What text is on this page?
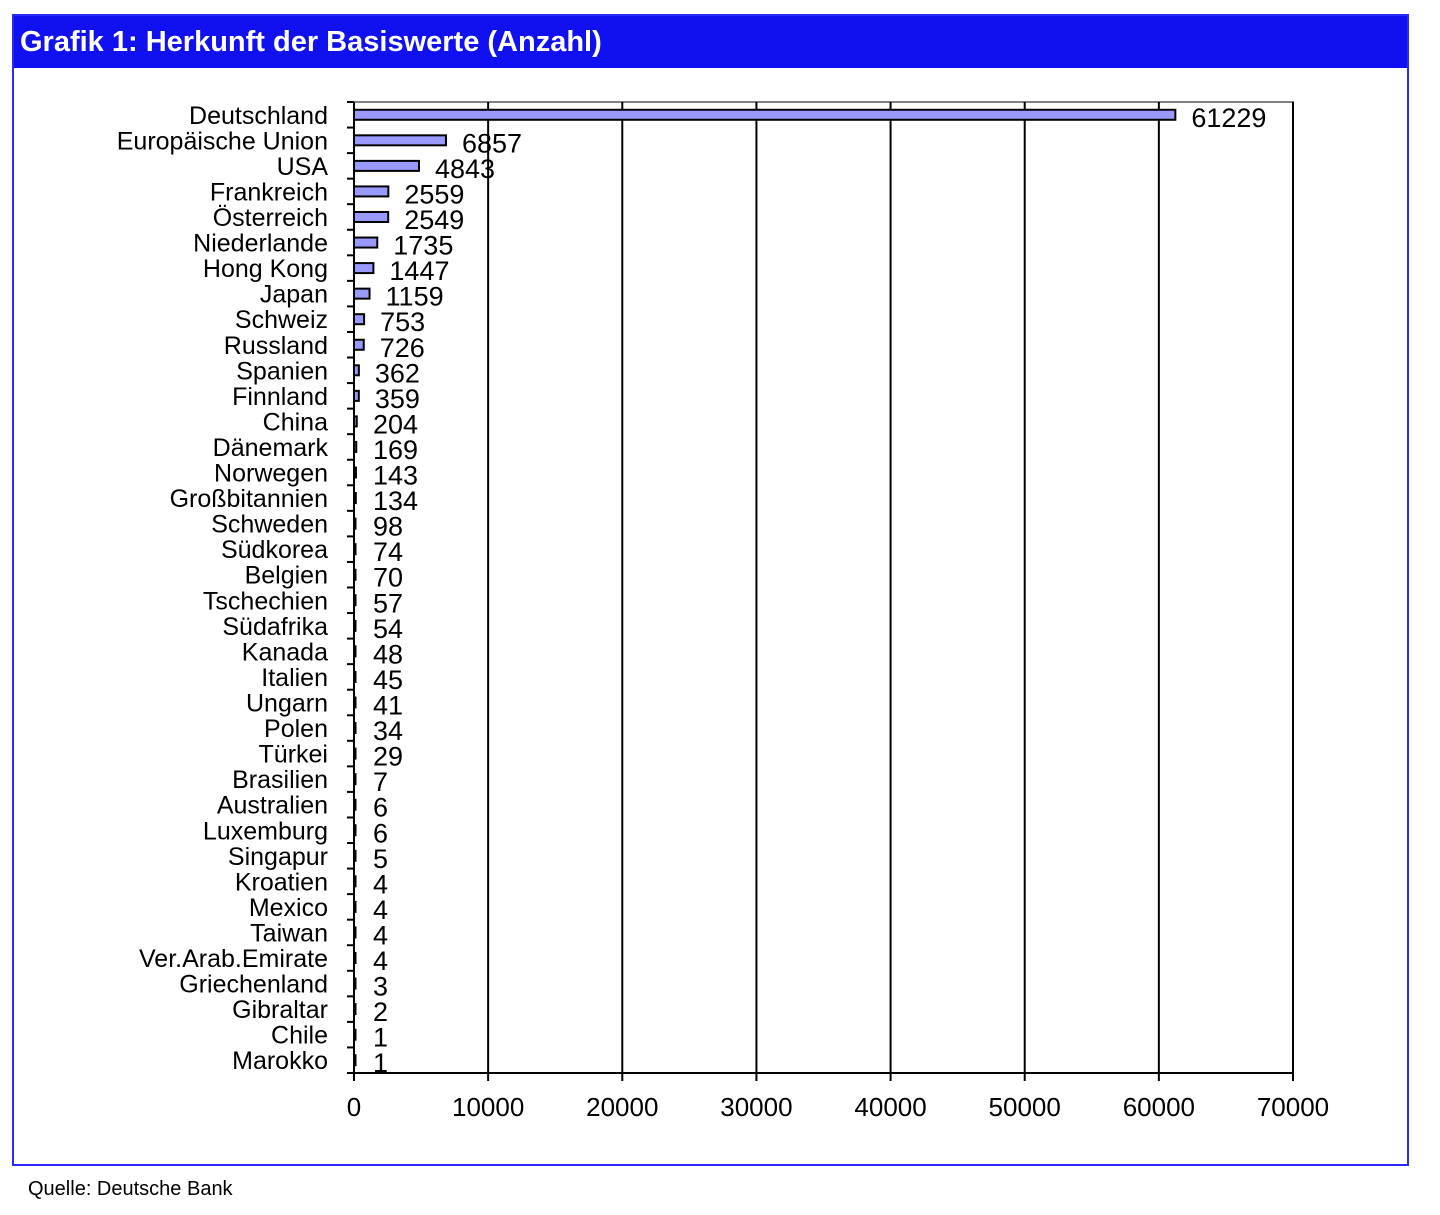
Grafik 1: Herkunft der Basiswerte (Anzahl)
0	10000 20000 30000 40000 50000 60000 70000
Deutschland	61229
Europäische Union	6857
USA	4843
Frankreich	2559
Österreich	2549
Niederlande 1735
Hong Kong 1447
Japan 1159
Schweiz 753
Russland 726
Spanien 362
Finnland 359
China 204
Dänemark 169
Norwegen 143
Großbitannien 134
Schweden 98
Südkorea 74
Belgien 70
Tschechien 57
Südafrika 54
Kanada 48
Italien 45
Ungarn 41
Polen 34
Türkei 29
Brasilien 7
Australien 6
Luxemburg 6
Singapur 5
Kroatien 4
Mexico 4
Taiwan 4
Ver.Arab.Emirate 4
Griechenland 3
Gibraltar 2
Chile 1
Marokko 1
Quelle: Deutsche Bank
